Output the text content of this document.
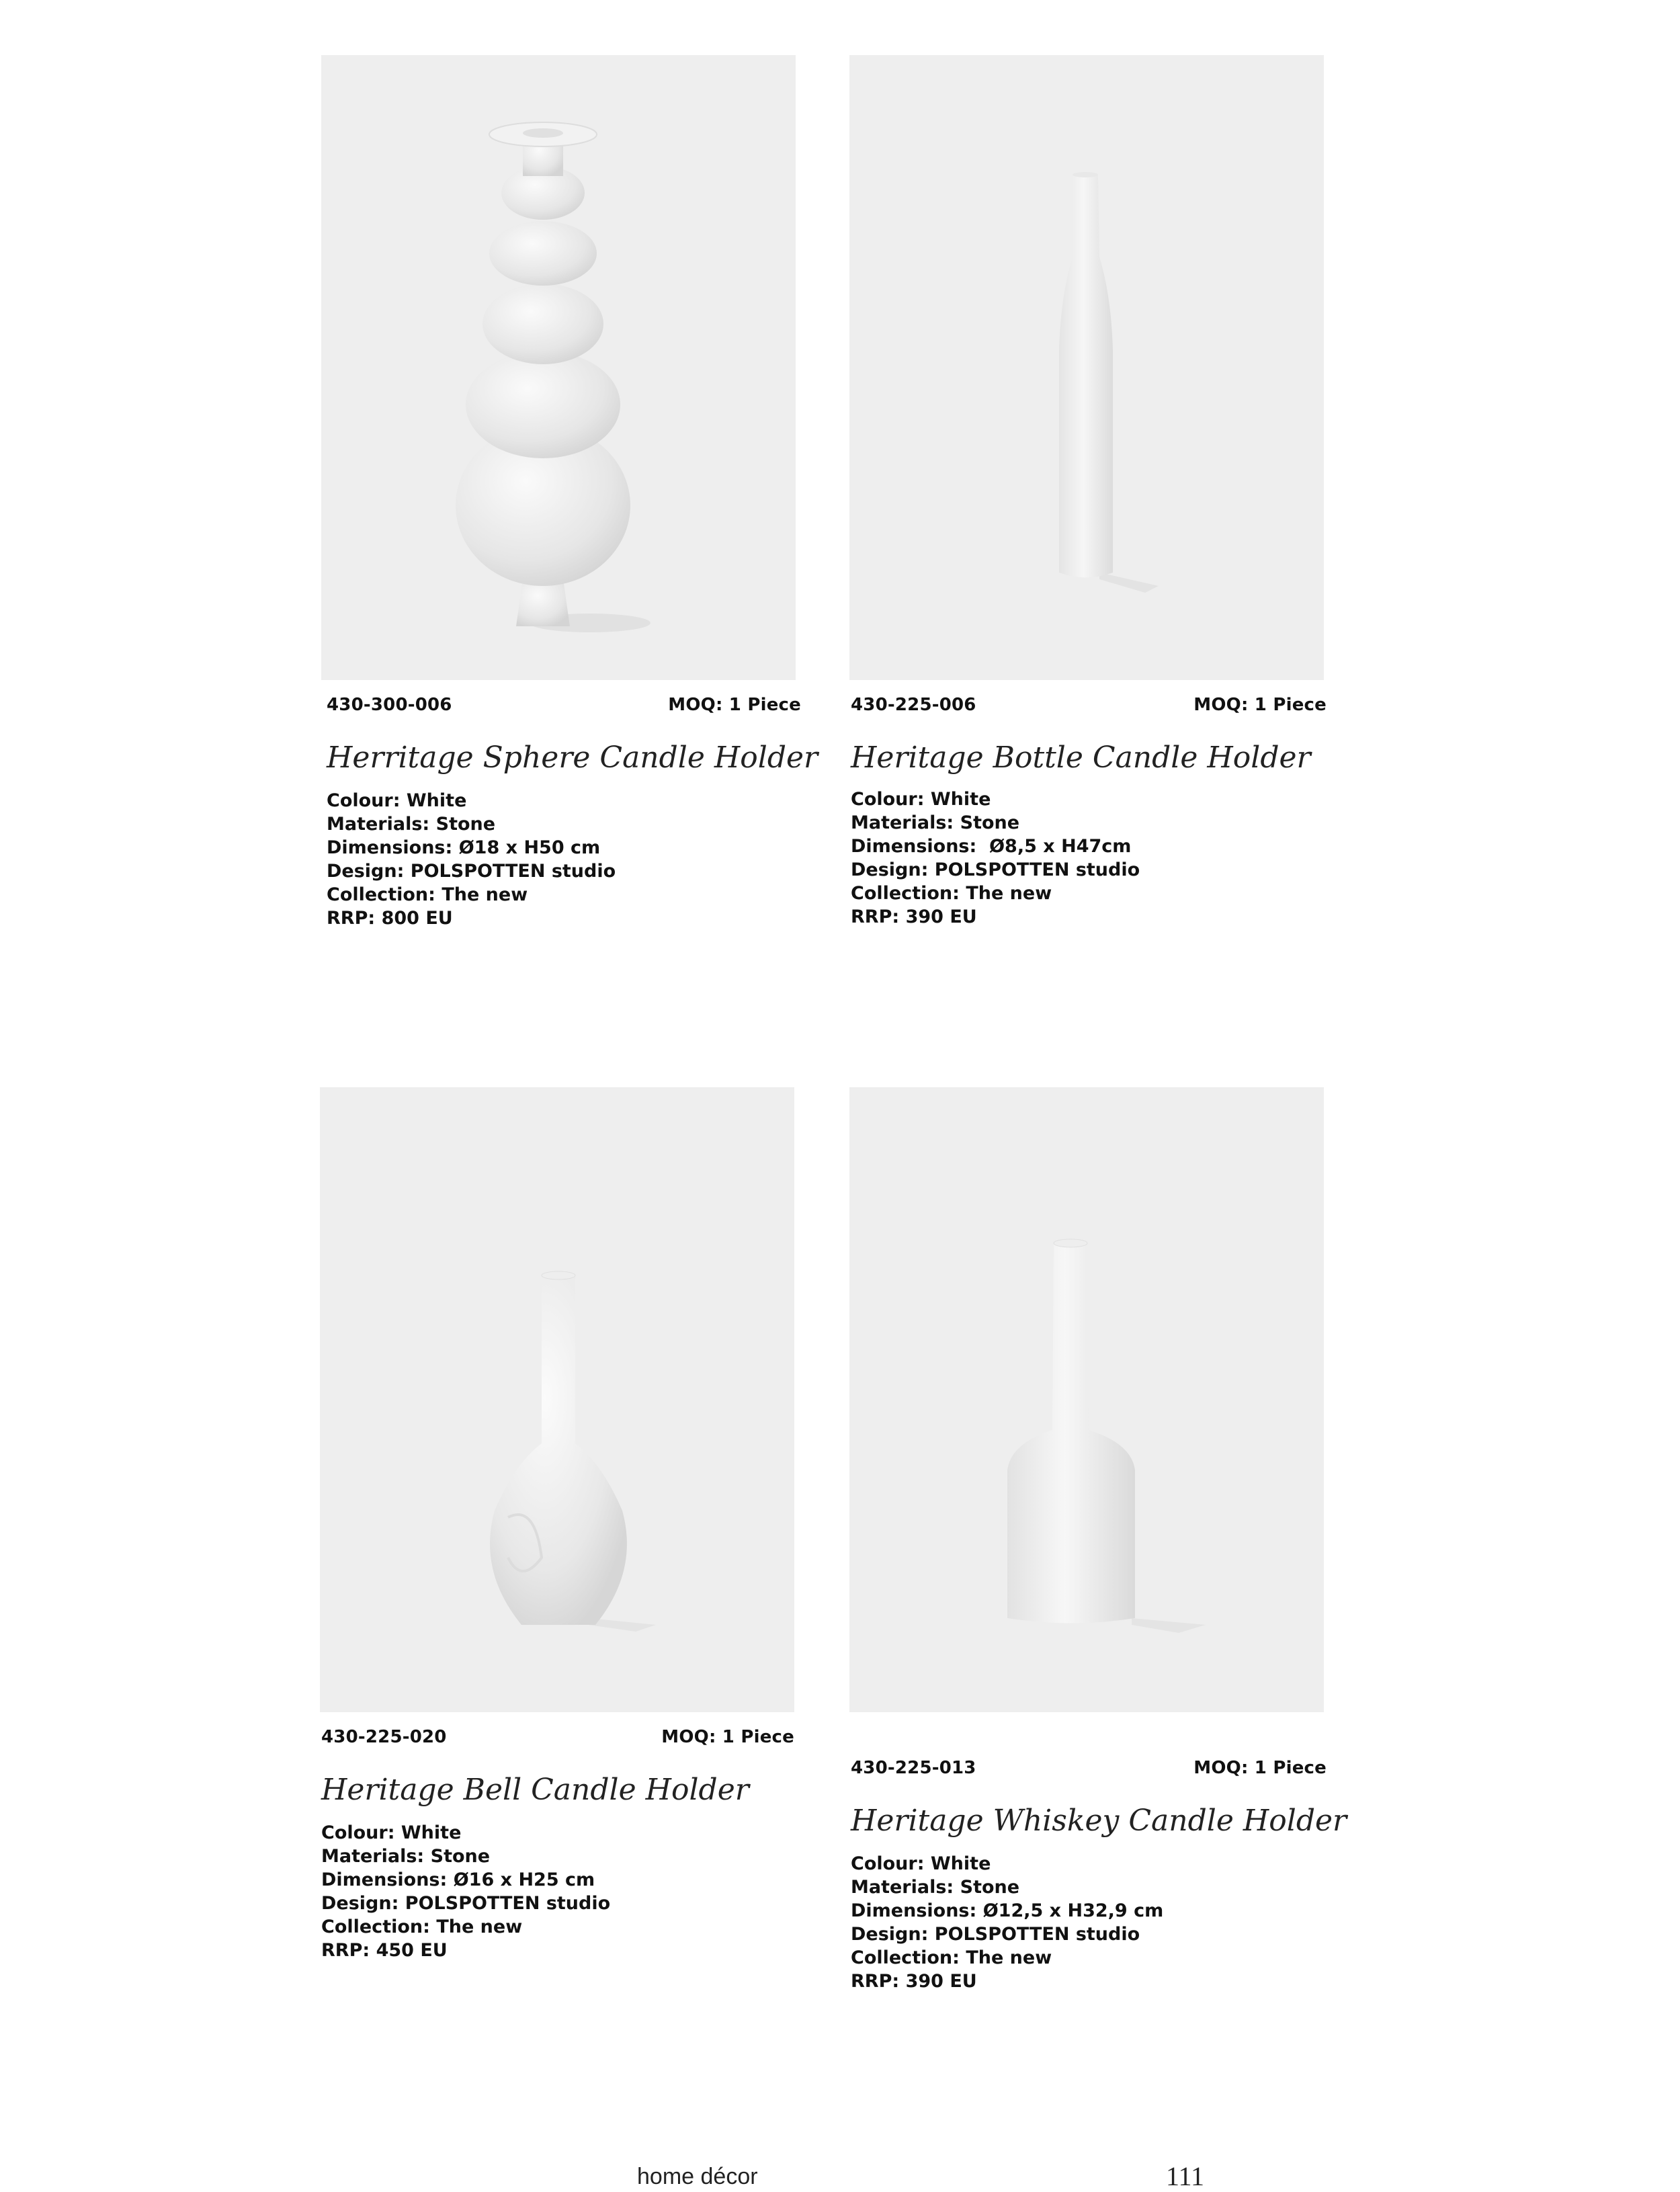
430-300-006	MOQ: 1 Piece
Herritage Sphere Candle Holder
Colour: White
Materials: Stone
Dimensions: Ø18 x H50 cm
Design: POLSPOTTEN studio
Collection: The new
RRP: 800 EU
430-225-006	MOQ: 1 Piece
Heritage Bottle Candle Holder
Colour: White
Materials: Stone
Dimensions:  Ø8,5 x H47cm
Design: POLSPOTTEN studio
Collection: The new
RRP: 390 EU
430-225-020	MOQ: 1 Piece
Heritage Bell Candle Holder
Colour: White
Materials: Stone
Dimensions: Ø16 x H25 cm
Design: POLSPOTTEN studio
Collection: The new
RRP: 450 EU
430-225-013	MOQ: 1 Piece
Heritage Whiskey Candle Holder
Colour: White
Materials: Stone
Dimensions: Ø12,5 x H32,9 cm
Design: POLSPOTTEN studio
Collection: The new
RRP: 390 EU
home décor	111
